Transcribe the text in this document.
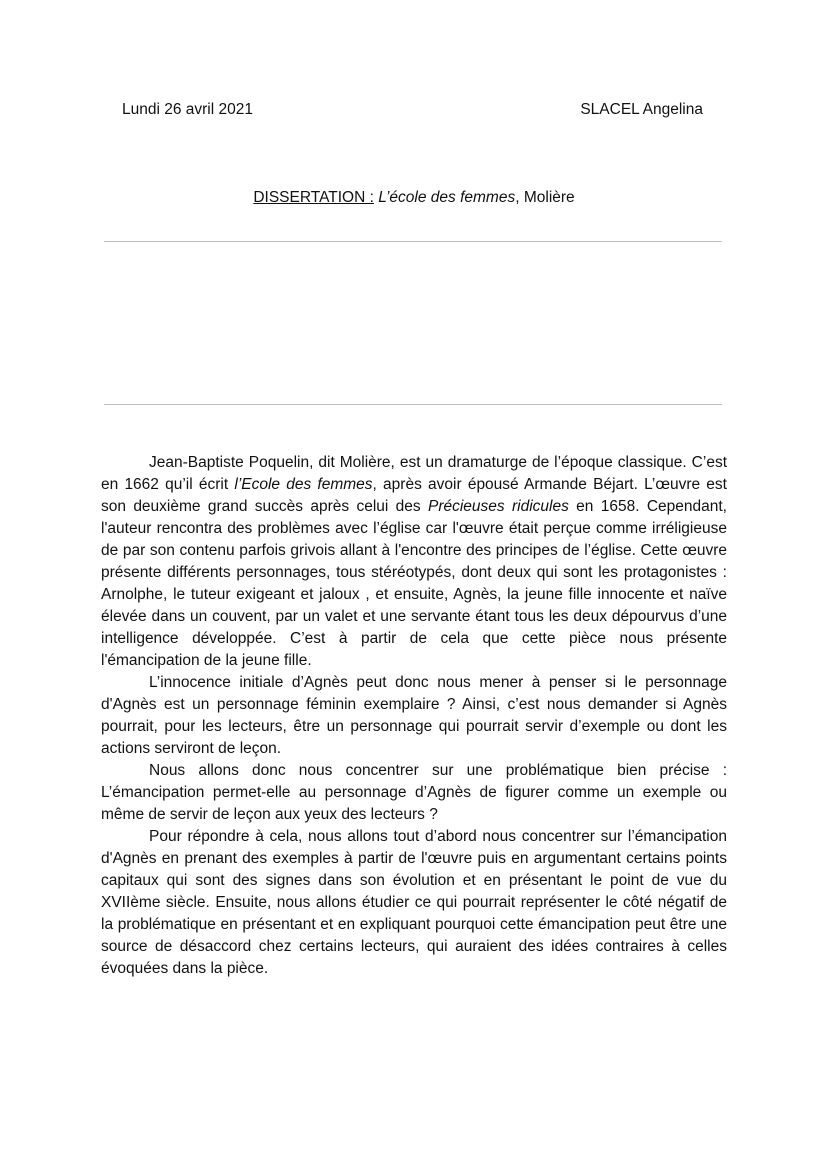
Lundi 26 avril 2021	SLACEL Angelina
DISSERTATION : L’école des femmes, Molière

Jean-Baptiste Poquelin, dit Molière, est un dramaturge de l’époque classique. C’est en 1662 qu’il écrit l’Ecole des femmes, après avoir épousé Armande Béjart. L’œuvre est son deuxième grand succès après celui des Précieuses ridicules en 1658. Cependant, l'auteur rencontra des problèmes avec l’église car l'œuvre était perçue comme irréligieuse de par son contenu parfois grivois allant à l'encontre des principes de l’église. Cette œuvre présente différents personnages, tous stéréotypés, dont deux qui sont les protagonistes : Arnolphe, le tuteur exigeant et jaloux , et ensuite, Agnès, la jeune fille innocente et naïve élevée dans un couvent, par un valet et une servante étant tous les deux dépourvus d’une intelligence développée. C’est à partir de cela que cette pièce nous présente l'émancipation de la jeune fille.

L’innocence initiale d’Agnès peut donc nous mener à penser si le personnage d'Agnès est un personnage féminin exemplaire ? Ainsi, c’est nous demander si Agnès pourrait, pour les lecteurs, être un personnage qui pourrait servir d’exemple ou dont les actions serviront de leçon.

Nous allons donc nous concentrer sur une problématique bien précise : L’émancipation permet-elle au personnage d’Agnès de figurer comme un exemple ou même de servir de leçon aux yeux des lecteurs ?

Pour répondre à cela, nous allons tout d’abord nous concentrer sur l’émancipation d'Agnès en prenant des exemples à partir de l'œuvre puis en argumentant certains points capitaux qui sont des signes dans son évolution et en présentant le point de vue du XVIIème siècle. Ensuite, nous allons étudier ce qui pourrait représenter le côté négatif de la problématique en présentant et en expliquant pourquoi cette émancipation peut être une source de désaccord chez certains lecteurs, qui auraient des idées contraires à celles évoquées dans la pièce.
